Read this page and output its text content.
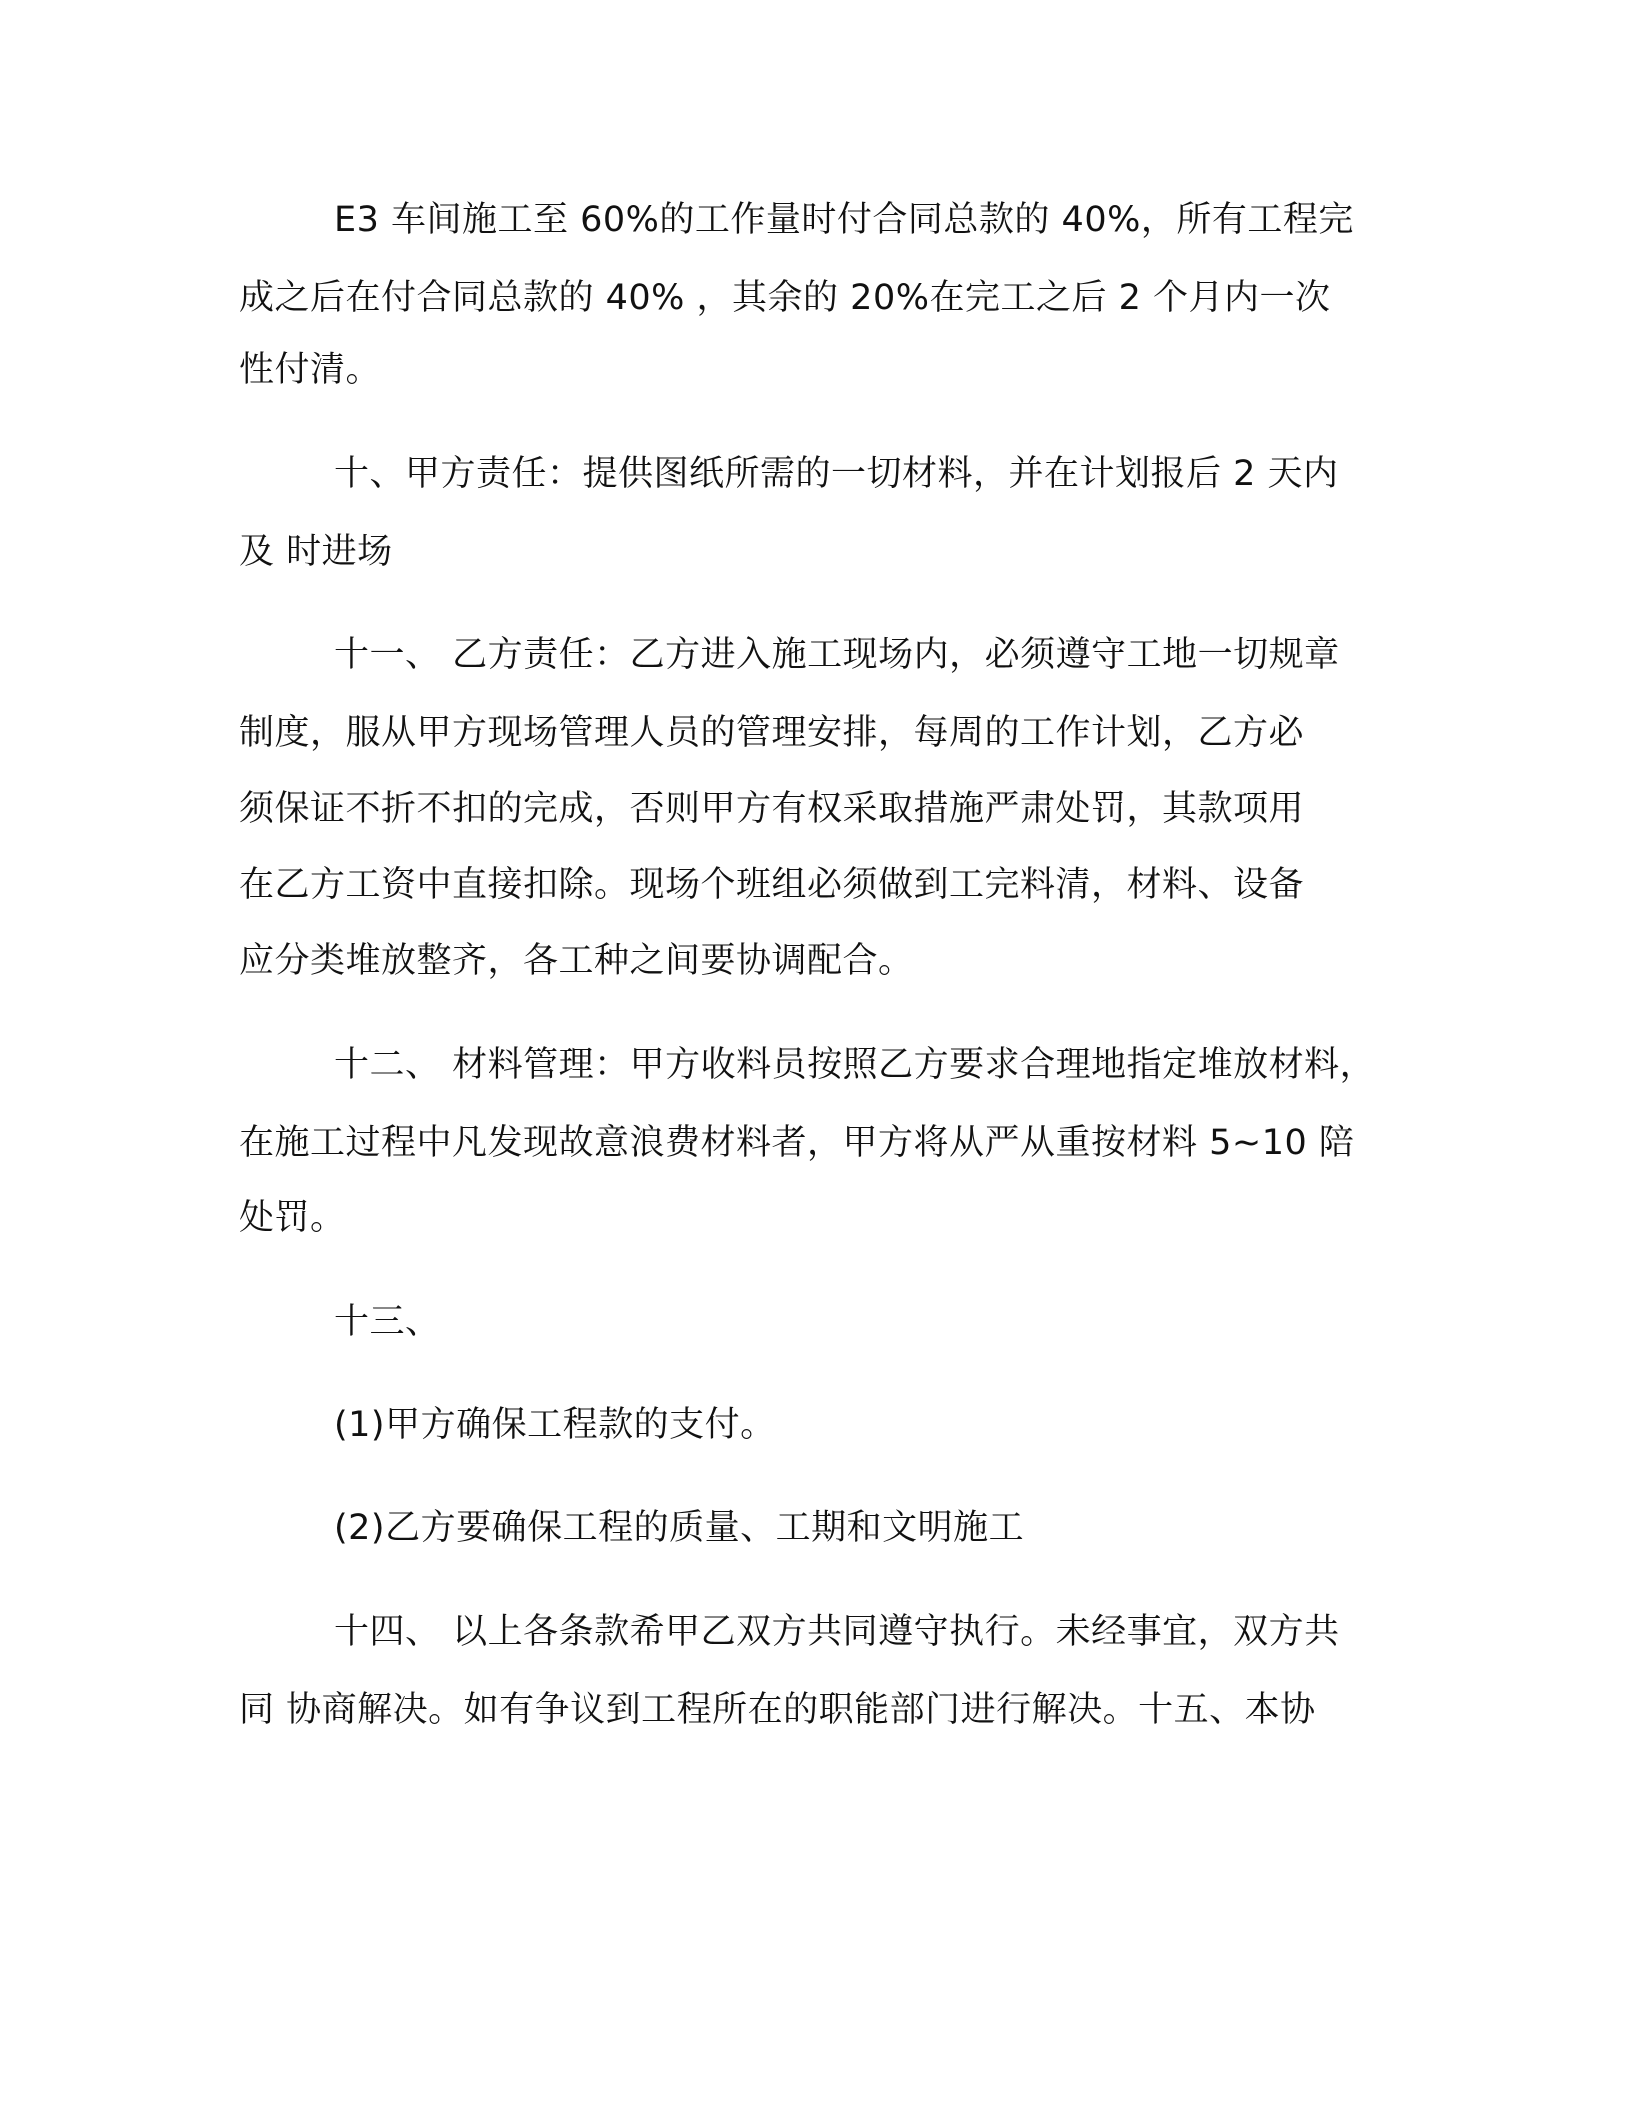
E3 车间施工至 60%的工作量时付合同总款的 40%，所有工程完
成之后在付合同总款的 40% ，其余的 20%在完工之后 2 个月内一次
性付清。
十、甲方责任：提供图纸所需的一切材料，并在计划报后 2 天内
及 时进场
十一、 乙方责任：乙方进入施工现场内，必须遵守工地一切规章
制度，服从甲方现场管理人员的管理安排，每周的工作计划，乙方必
须保证不折不扣的完成，否则甲方有权采取措施严肃处罚，其款项用
在乙方工资中直接扣除。现场个班组必须做到工完料清，材料、设备
应分类堆放整齐，各工种之间要协调配合。
十二、 材料管理：甲方收料员按照乙方要求合理地指定堆放材料，
在施工过程中凡发现故意浪费材料者，甲方将从严从重按材料 5~10 陪
处罚。
十三、
(1)甲方确保工程款的支付。
(2)乙方要确保工程的质量、工期和文明施工
十四、 以上各条款希甲乙双方共同遵守执行。未经事宜，双方共
同 协商解决。如有争议到工程所在的职能部门进行解决。十五、本协
